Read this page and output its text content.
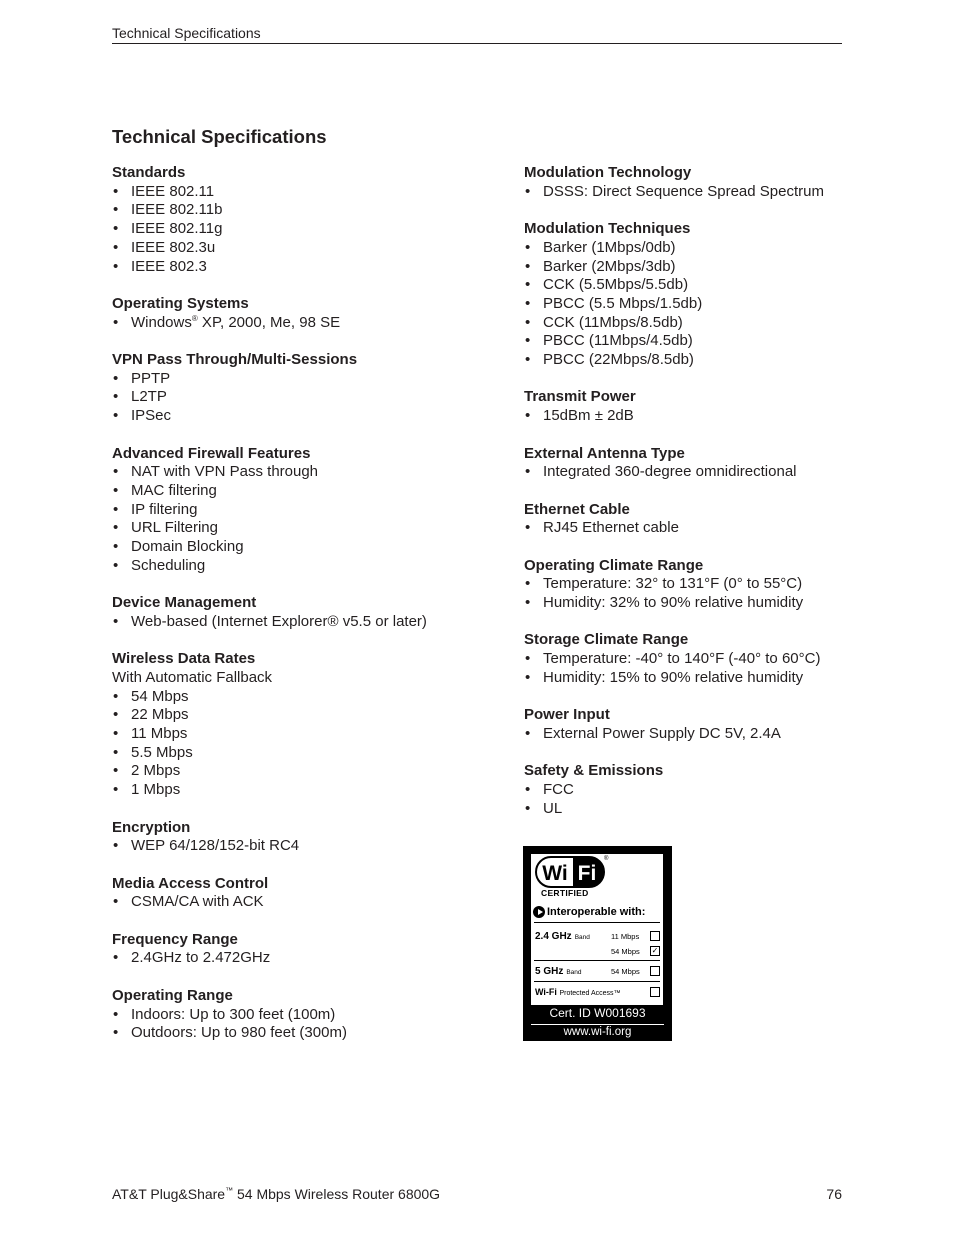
Technical Specifications
Technical Specifications
Standards
• IEEE 802.11
• IEEE 802.11b
• IEEE 802.11g
• IEEE 802.3u
• IEEE 802.3
Operating Systems
• Windows® XP, 2000, Me, 98 SE
VPN Pass Through/Multi-Sessions
• PPTP
• L2TP
• IPSec
Advanced Firewall Features
• NAT with VPN Pass through
• MAC filtering
• IP filtering
• URL Filtering
• Domain Blocking
• Scheduling
Device Management
• Web-based (Internet Explorer® v5.5 or later)
Wireless Data Rates
With Automatic Fallback
• 54 Mbps
• 22 Mbps
• 11 Mbps
• 5.5 Mbps
• 2 Mbps
• 1 Mbps
Encryption
• WEP 64/128/152-bit RC4
Media Access Control
• CSMA/CA with ACK
Frequency Range
• 2.4GHz to 2.472GHz
Operating Range
• Indoors: Up to 300 feet (100m)
• Outdoors: Up to 980 feet (300m)
Modulation Technology
• DSSS: Direct Sequence Spread Spectrum
Modulation Techniques
• Barker (1Mbps/0db)
• Barker (2Mbps/3db)
• CCK (5.5Mbps/5.5db)
• PBCC (5.5 Mbps/1.5db)
• CCK (11Mbps/8.5db)
• PBCC (11Mbps/4.5db)
• PBCC (22Mbps/8.5db)
Transmit Power
• 15dBm ± 2dB
External Antenna Type
• Integrated 360-degree omnidirectional
Ethernet Cable
• RJ45 Ethernet cable
Operating Climate Range
• Temperature: 32° to 131°F (0° to 55°C)
• Humidity: 32% to 90% relative humidity
Storage Climate Range
• Temperature: -40° to 140°F (-40° to 60°C)
• Humidity: 15% to 90% relative humidity
Power Input
• External Power Supply DC 5V, 2.4A
Safety & Emissions
• FCC
• UL
Wi Fi
®
CERTIFIED
Interoperable with:
2.4 GHz Band	11 Mbps
54 Mbps ✓
5 GHz Band	54 Mbps
Wi-Fi Protected Access™
Cert. ID W001693
www.wi-fi.org
AT&T Plug&Share™ 54 Mbps Wireless Router 6800G	76
